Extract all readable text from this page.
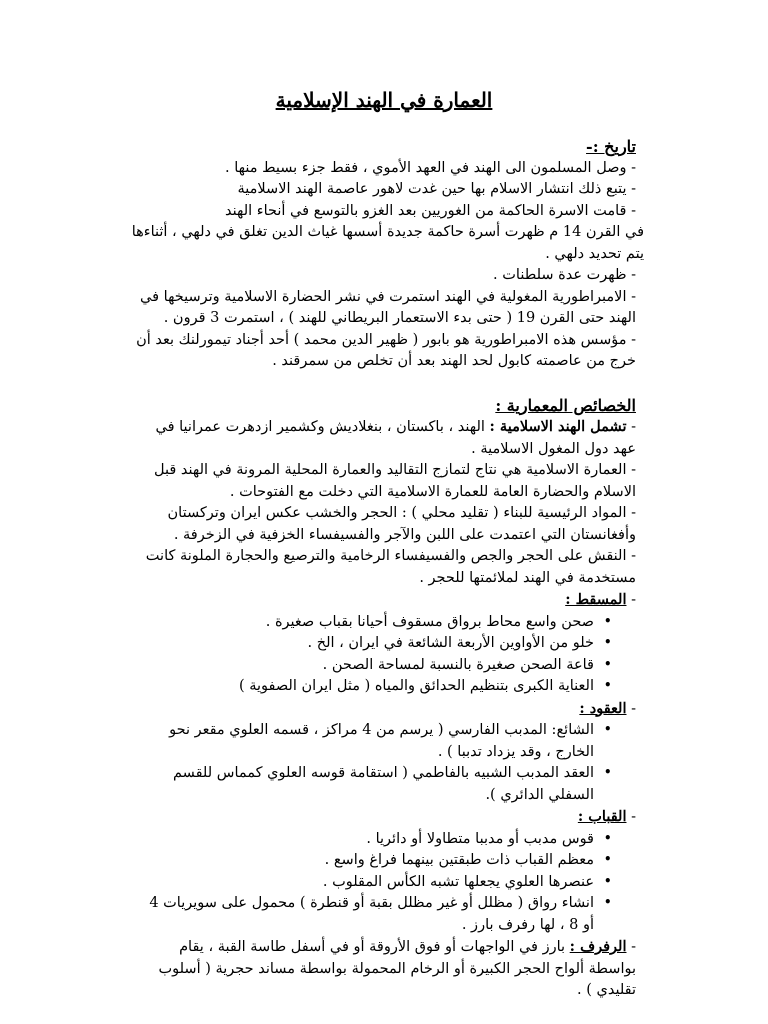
العمارة في الهند الإسلامية
تاريخ :-

- وصل المسلمون الى الهند في العهد الأموي ، فقط جزء بسيط منها .

- يتبع ذلك انتشار الاسلام بها حين غدت لاهور عاصمة الهند الاسلامية

- قامت الاسرة الحاكمة من الغوريين بعد الغزو بالتوسع في أنحاء الهند

في القرن 14 م ظهرت أسرة حاكمة جديدة أسسها غياث الدين تغلق في دلهي ، أثناءها يتم تحديد دلهي .

- ظهرت عدة سلطنات .

- الامبراطورية المغولية في الهند استمرت في نشر الحضارة الاسلامية وترسيخها في الهند حتى القرن 19 ( حتى بدء الاستعمار البريطاني للهند ) ، استمرت 3 قرون .

- مؤسس هذه الامبراطورية هو بابور ( ظهير الدين محمد ) أحد أجناد تيمورلنك بعد أن خرج من عاصمته كابول لحد الهند بعد أن تخلص من سمرقند .

الخصائص المعمارية :

- تشمل الهند الاسلامية : الهند ، باكستان ، بنغلاديش وكشمير ازدهرت عمرانيا في عهد دول المغول الاسلامية .

- العمارة الاسلامية هي نتاج لتمازج التقاليد والعمارة المحلية المرونة في الهند قبل الاسلام والحضارة العامة للعمارة الاسلامية التي دخلت مع الفتوحات .

- المواد الرئيسية للبناء ( تقليد محلي ) : الحجر والخشب عكس ايران وتركستان وأفغانستان التي اعتمدت على اللبن والآجر والفسيفساء الخزفية في الزخرفة .

- النقش على الحجر والجص والفسيفساء الرخامية والترصيع والحجارة الملونة كانت مستخدمة في الهند لملائمتها للحجر .

- المسقط :
• صحن واسع محاط برواق مسقوف أحيانا بقباب صغيرة .
• خلو من الأواوين الأربعة الشائعة في ايران ، الخ .
• قاعة الصحن صغيرة بالنسبة لمساحة الصحن .
• العناية الكبرى بتنظيم الحدائق والمياه ( مثل ايران الصفوية )
- العقود :
• الشائع: المدبب الفارسي ( يرسم من 4 مراكز ، قسمه العلوي مقعر نحو الخارج ، وقد يزداد تدببا ) .
• العقد المدبب الشبيه بالفاطمي ( استقامة قوسه العلوي كمماس للقسم السفلي الدائري ).
- القباب :
• قوس مدبب أو مدببا متطاولا أو دائريا .
• معظم القباب ذات طبقتين بينهما فراغ واسع .
• عنصرها العلوي يجعلها تشبه الكأس المقلوب .
• انشاء رواق ( مظلل أو غير مظلل بقبة أو قنطرة ) محمول على سويريات 4 أو 8 ، لها رفرف بارز .

- الرفرف : بارز في الواجهات أو فوق الأروقة أو في أسفل طاسة القبة ، يقام بواسطة ألواح الحجر الكبيرة أو الرخام المحمولة بواسطة مساند حجرية ( أسلوب تقليدي ) .
